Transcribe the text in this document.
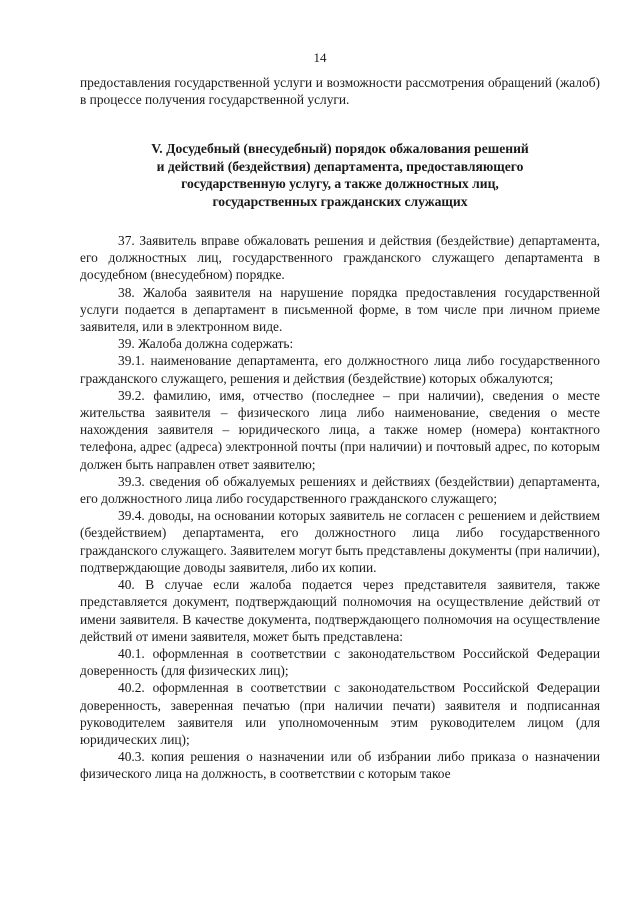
14

предоставления государственной услуги и возможности рассмотрения обращений (жалоб) в процессе получения государственной услуги.

V. Досудебный (внесудебный) порядок обжалования решений
и действий (бездействия) департамента, предоставляющего
государственную услугу, а также должностных лиц,
государственных гражданских служащих

37. Заявитель вправе обжаловать решения и действия (бездействие) департамента, его должностных лиц, государственного гражданского служащего департамента в досудебном (внесудебном) порядке.

38. Жалоба заявителя на нарушение порядка предоставления государственной услуги подается в департамент в письменной форме, в том числе при личном приеме заявителя, или в электронном виде.

39. Жалоба должна содержать:

39.1. наименование департамента, его должностного лица либо государственного гражданского служащего, решения и действия (бездействие) которых обжалуются;

39.2. фамилию, имя, отчество (последнее – при наличии), сведения о месте жительства заявителя – физического лица либо наименование, сведения о месте нахождения заявителя – юридического лица, а также номер (номера) контактного телефона, адрес (адреса) электронной почты (при наличии) и почтовый адрес, по которым должен быть направлен ответ заявителю;

39.3. сведения об обжалуемых решениях и действиях (бездействии) департамента, его должностного лица либо государственного гражданского служащего;

39.4. доводы, на основании которых заявитель не согласен с решением и действием (бездействием) департамента, его должностного лица либо государственного гражданского служащего. Заявителем могут быть представлены документы (при наличии), подтверждающие доводы заявителя, либо их копии.

40. В случае если жалоба подается через представителя заявителя, также представляется документ, подтверждающий полномочия на осуществление действий от имени заявителя. В качестве документа, подтверждающего полномочия на осуществление действий от имени заявителя, может быть представлена:

40.1. оформленная в соответствии с законодательством Российской Федерации доверенность (для физических лиц);

40.2. оформленная в соответствии с законодательством Российской Федерации доверенность, заверенная печатью (при наличии печати) заявителя и подписанная руководителем заявителя или уполномоченным этим руководителем лицом (для юридических лиц);

40.3. копия решения о назначении или об избрании либо приказа о назначении физического лица на должность, в соответствии с которым такое
